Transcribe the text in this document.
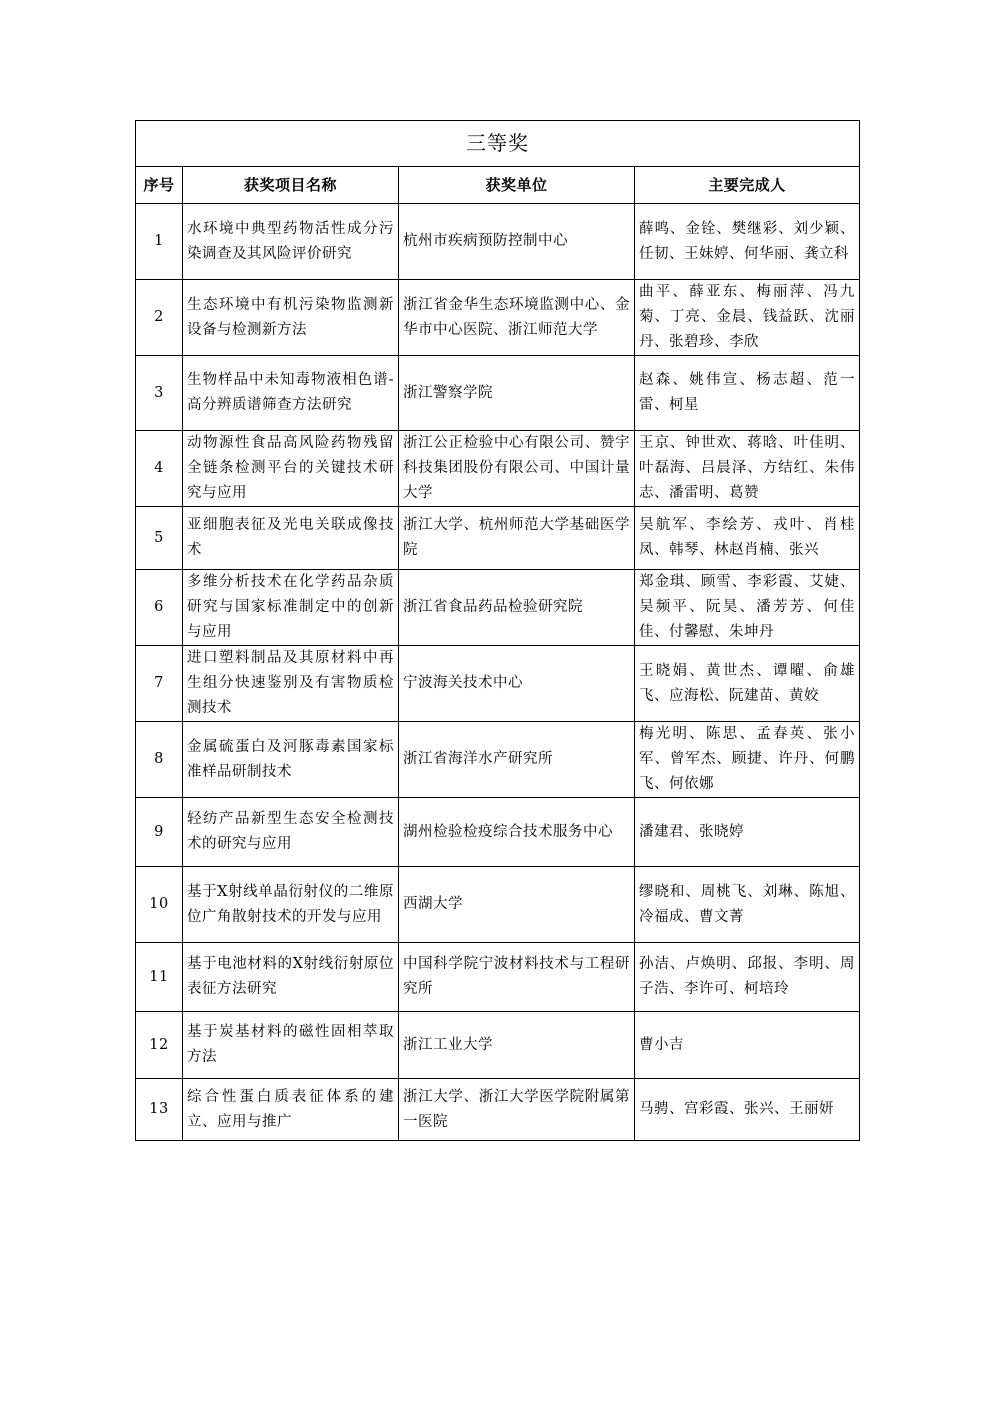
三等奖			
序号	获奖项目名称	获奖单位	主要完成人
1	水环境中典型药物活性成分污染调查及其风险评价研究	杭州市疾病预防控制中心	薛鸣、金铨、樊继彩、刘少颖、任韧、王妹婷、何华丽、龚立科
2	生态环境中有机污染物监测新设备与检测新方法	浙江省金华生态环境监测中心、金华市中心医院、浙江师范大学	曲平、薛亚东、梅丽萍、冯九菊、丁亮、金晨、钱益跃、沈丽丹、张碧珍、李欣
3	生物样品中未知毒物液相色谱-高分辨质谱筛查方法研究	浙江警察学院	赵森、姚伟宣、杨志超、范一雷、柯星
4	动物源性食品高风险药物残留全链条检测平台的关键技术研究与应用	浙江公正检验中心有限公司、赞宇科技集团股份有限公司、中国计量大学	王京、钟世欢、蒋晗、叶佳明、叶磊海、吕晨泽、方结红、朱伟志、潘雷明、葛赞
5	亚细胞表征及光电关联成像技术	浙江大学、杭州师范大学基础医学院	吴航军、李绘芳、戎叶、肖桂凤、韩琴、林赵肖楠、张兴
6	多维分析技术在化学药品杂质研究与国家标准制定中的创新与应用	浙江省食品药品检验研究院	郑金琪、顾雪、李彩霞、艾婕、吴频平、阮昊、潘芳芳、何佳佳、付馨慰、朱坤丹
7	进口塑料制品及其原材料中再生组分快速鉴别及有害物质检测技术	宁波海关技术中心	王晓娟、黄世杰、谭曜、俞雄飞、应海松、阮建苗、黄姣
8	金属硫蛋白及河豚毒素国家标准样品研制技术	浙江省海洋水产研究所	梅光明、陈思、孟春英、张小军、曾军杰、顾捷、许丹、何鹏飞、何依娜
9	轻纺产品新型生态安全检测技术的研究与应用	湖州检验检疫综合技术服务中心	潘建君、张晓婷
10	基于X射线单晶衍射仪的二维原位广角散射技术的开发与应用	西湖大学	缪晓和、周桃飞、刘琳、陈旭、冷福成、曹文菁
11	基于电池材料的X射线衍射原位表征方法研究	中国科学院宁波材料技术与工程研究所	孙洁、卢焕明、邱报、李明、周子浩、李许可、柯培玲
12	基于炭基材料的磁性固相萃取方法	浙江工业大学	曹小吉
13	综合性蛋白质表征体系的建立、应用与推广	浙江大学、浙江大学医学院附属第一医院	马骋、宫彩霞、张兴、王丽妍
